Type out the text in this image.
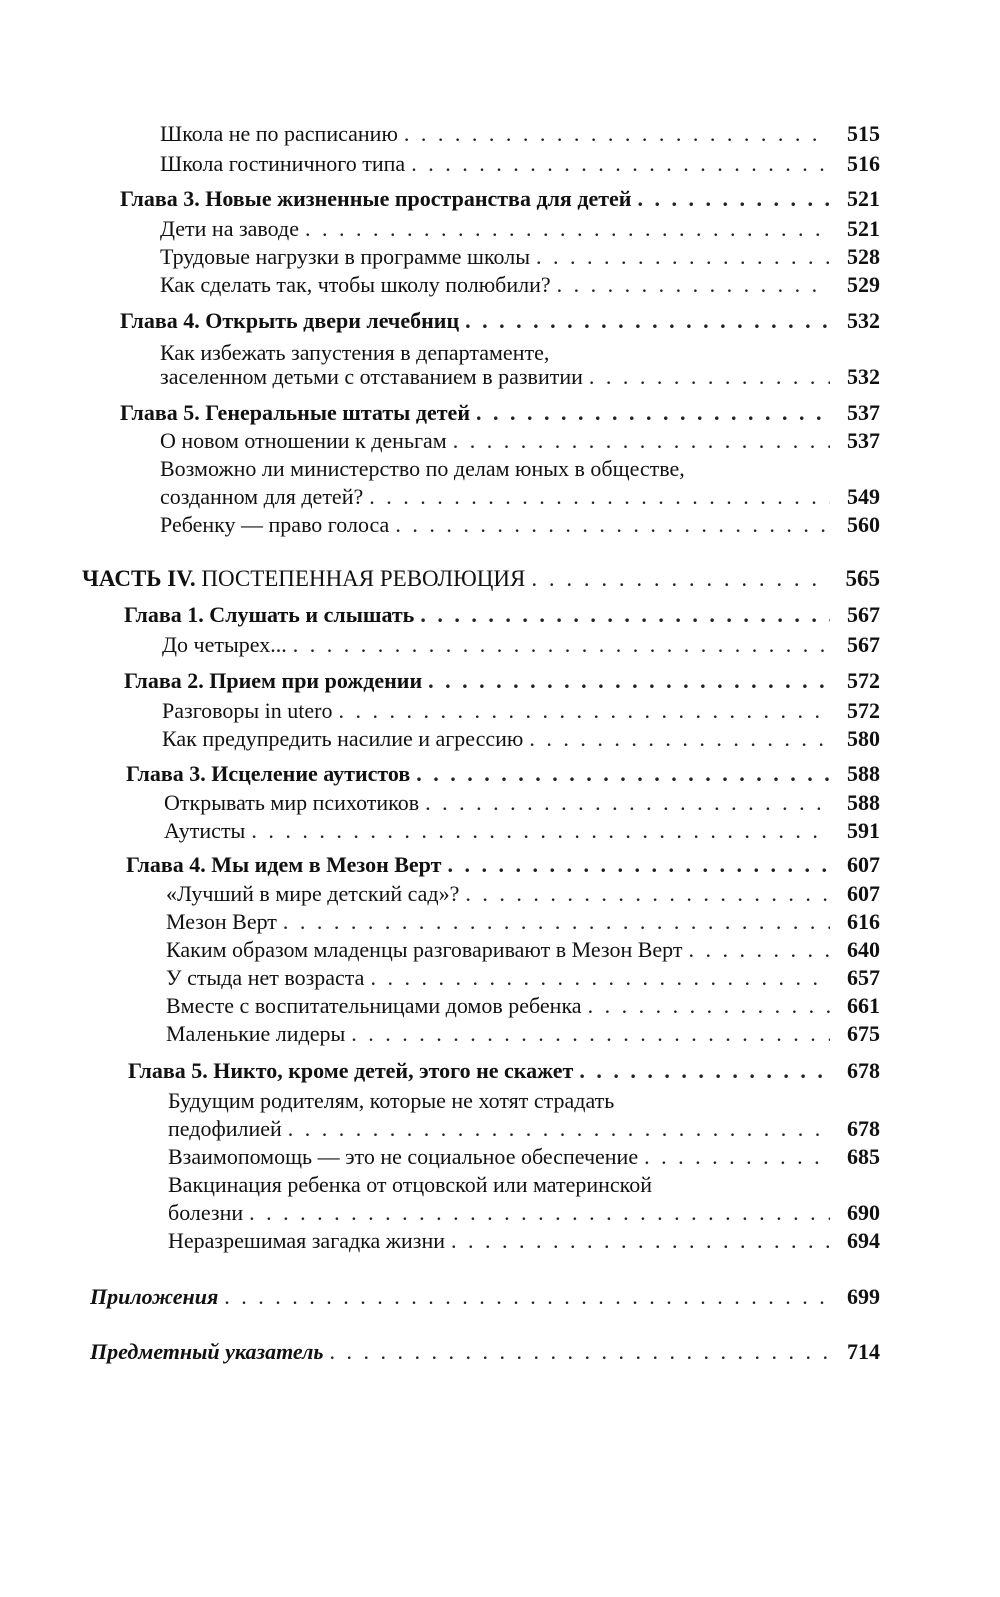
Школа не по расписанию . . .	515
Школа гостиничного типа . . .	516
Глава 3. Новые жизненные пространства для детей . . .	521
Дети на заводе . . .	521
Трудовые нагрузки в программе школы . . .	528
Как сделать так, чтобы школу полюбили? . . .	529
Глава 4. Открыть двери лечебниц . . .	532
Как избежать запустения в департаменте,
заселенном детьми с отставанием в развитии . . .	532
Глава 5. Генеральные штаты детей . . .	537
О новом отношении к деньгам . . .	537
Возможно ли министерство по делам юных в обществе,
созданном для детей? . . .	549
Ребенку — право голоса . . .	560
ЧАСТЬ IV. ПОСТЕПЕННАЯ РЕВОЛЮЦИЯ . . .	565
Глава 1. Слушать и слышать . . .	567
До четырех... . . .	567
Глава 2. Прием при рождении . . .	572
Разговоры in utero . . .	572
Как предупредить насилие и агрессию . . .	580
Глава 3. Исцеление аутистов . . .	588
Открывать мир психотиков . . .	588
Аутисты . . .	591
Глава 4. Мы идем в Мезон Верт . . .	607
«Лучший в мире детский сад»? . . .	607
Мезон Верт . . .	616
Каким образом младенцы разговаривают в Мезон Верт . . .	640
У стыда нет возраста . . .	657
Вместе с воспитательницами домов ребенка . . .	661
Маленькие лидеры . . .	675
Глава 5. Никто, кроме детей, этого не скажет . . .	678
Будущим родителям, которые не хотят страдать
педофилией . . .	678
Взаимопомощь — это не социальное обеспечение . . .	685
Вакцинация ребенка от отцовской или материнской
болезни . . .	690
Неразрешимая загадка жизни . . .	694
Приложения . . .	699
Предметный указатель . . .	714
